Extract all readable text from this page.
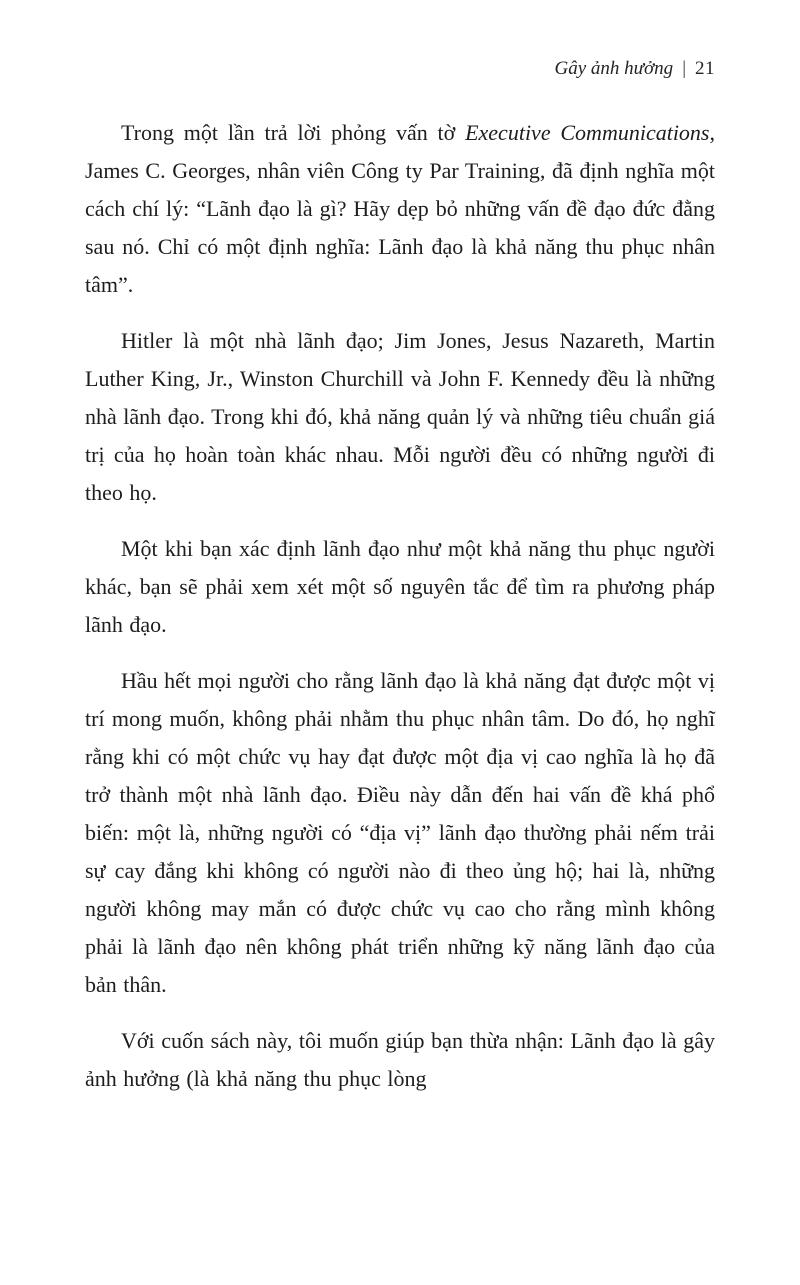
Gây ảnh hưởng | 21

Trong một lần trả lời phỏng vấn tờ Executive Communications, James C. Georges, nhân viên Công ty Par Training, đã định nghĩa một cách chí lý: “Lãnh đạo là gì? Hãy dẹp bỏ những vấn đề đạo đức đằng sau nó. Chỉ có một định nghĩa: Lãnh đạo là khả năng thu phục nhân tâm”.

Hitler là một nhà lãnh đạo; Jim Jones, Jesus Nazareth, Martin Luther King, Jr., Winston Churchill và John F. Kennedy đều là những nhà lãnh đạo. Trong khi đó, khả năng quản lý và những tiêu chuẩn giá trị của họ hoàn toàn khác nhau. Mỗi người đều có những người đi theo họ.

Một khi bạn xác định lãnh đạo như một khả năng thu phục người khác, bạn sẽ phải xem xét một số nguyên tắc để tìm ra phương pháp lãnh đạo.

Hầu hết mọi người cho rằng lãnh đạo là khả năng đạt được một vị trí mong muốn, không phải nhằm thu phục nhân tâm. Do đó, họ nghĩ rằng khi có một chức vụ hay đạt được một địa vị cao nghĩa là họ đã trở thành một nhà lãnh đạo. Điều này dẫn đến hai vấn đề khá phổ biến: một là, những người có “địa vị” lãnh đạo thường phải nếm trải sự cay đắng khi không có người nào đi theo ủng hộ; hai là, những người không may mắn có được chức vụ cao cho rằng mình không phải là lãnh đạo nên không phát triển những kỹ năng lãnh đạo của bản thân.

Với cuốn sách này, tôi muốn giúp bạn thừa nhận: Lãnh đạo là gây ảnh hưởng (là khả năng thu phục lòng
